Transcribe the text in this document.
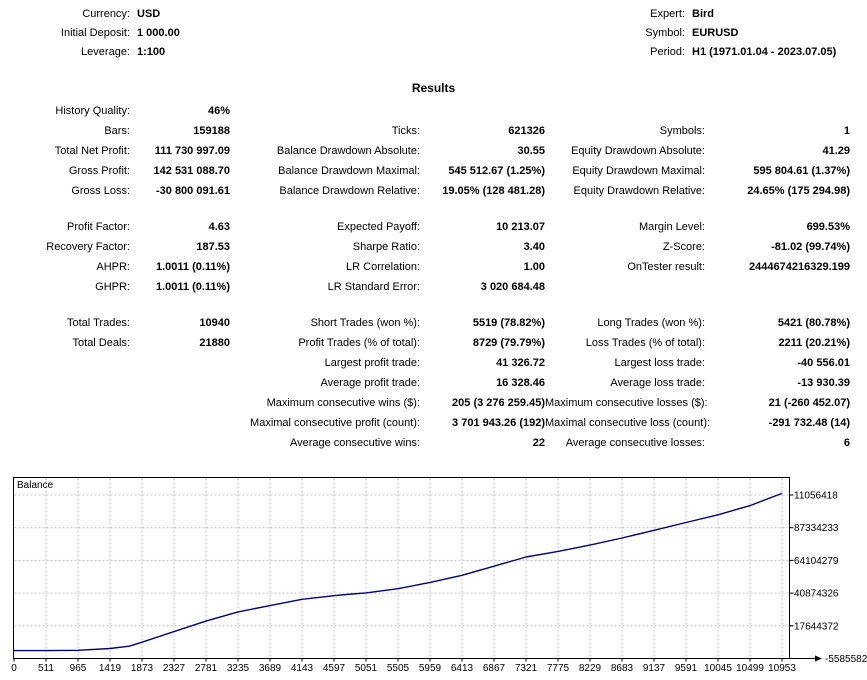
Currency: USD
Initial Deposit: 1 000.00
Leverage: 1:100
Expert: Bird
Symbol: EURUSD
Period: H1 (1971.01.04 - 2023.07.05)
Results
History Quality:	46%
Bars:	159188	Ticks:	621326	Symbols:	1
Total Net Profit:	111 730 997.09	Balance Drawdown Absolute:	30.55	Equity Drawdown Absolute:	41.29
Gross Profit:	142 531 088.70	Balance Drawdown Maximal:	545 512.67 (1.25%)	Equity Drawdown Maximal:	595 804.61 (1.37%)
Gross Loss:	-30 800 091.61	Balance Drawdown Relative:	19.05% (128 481.28)	Equity Drawdown Relative:	24.65% (175 294.98)
Profit Factor:	4.63	Expected Payoff:	10 213.07	Margin Level:	699.53%
Recovery Factor:	187.53	Sharpe Ratio:	3.40	Z-Score:	-81.02 (99.74%)
AHPR:	1.0011 (0.11%)	LR Correlation:	1.00	OnTester result:	2444674216329.199
GHPR:	1.0011 (0.11%)	LR Standard Error:	3 020 684.48
Total Trades:	10940	Short Trades (won %):	5519 (78.82%)	Long Trades (won %):	5421 (80.78%)
Total Deals:	21880	Profit Trades (% of total):	8729 (79.79%)	Loss Trades (% of total):	2211 (20.21%)
Largest profit trade:	41 326.72	Largest loss trade:	-40 556.01
Average profit trade:	16 328.46	Average loss trade:	-13 930.39
Maximum consecutive wins ($):	205 (3 276 259.45) Maximum consecutive losses ($):	21 (-260 452.07)
Maximal consecutive profit (count):	3 701 943.26 (192) Maximal consecutive loss (count):	-291 732.48 (14)
Average consecutive wins:	22	Average consecutive losses:	6
11056418
87334233
64104279
40874326
17644372
0 511 965 1419 1873 2327 2781 3235 3689 4143 4597 5051 5505 5959 6413 6867 7321 7775 8229 8683 9137 9591 10045 10499 10953
-5585582
Balance
